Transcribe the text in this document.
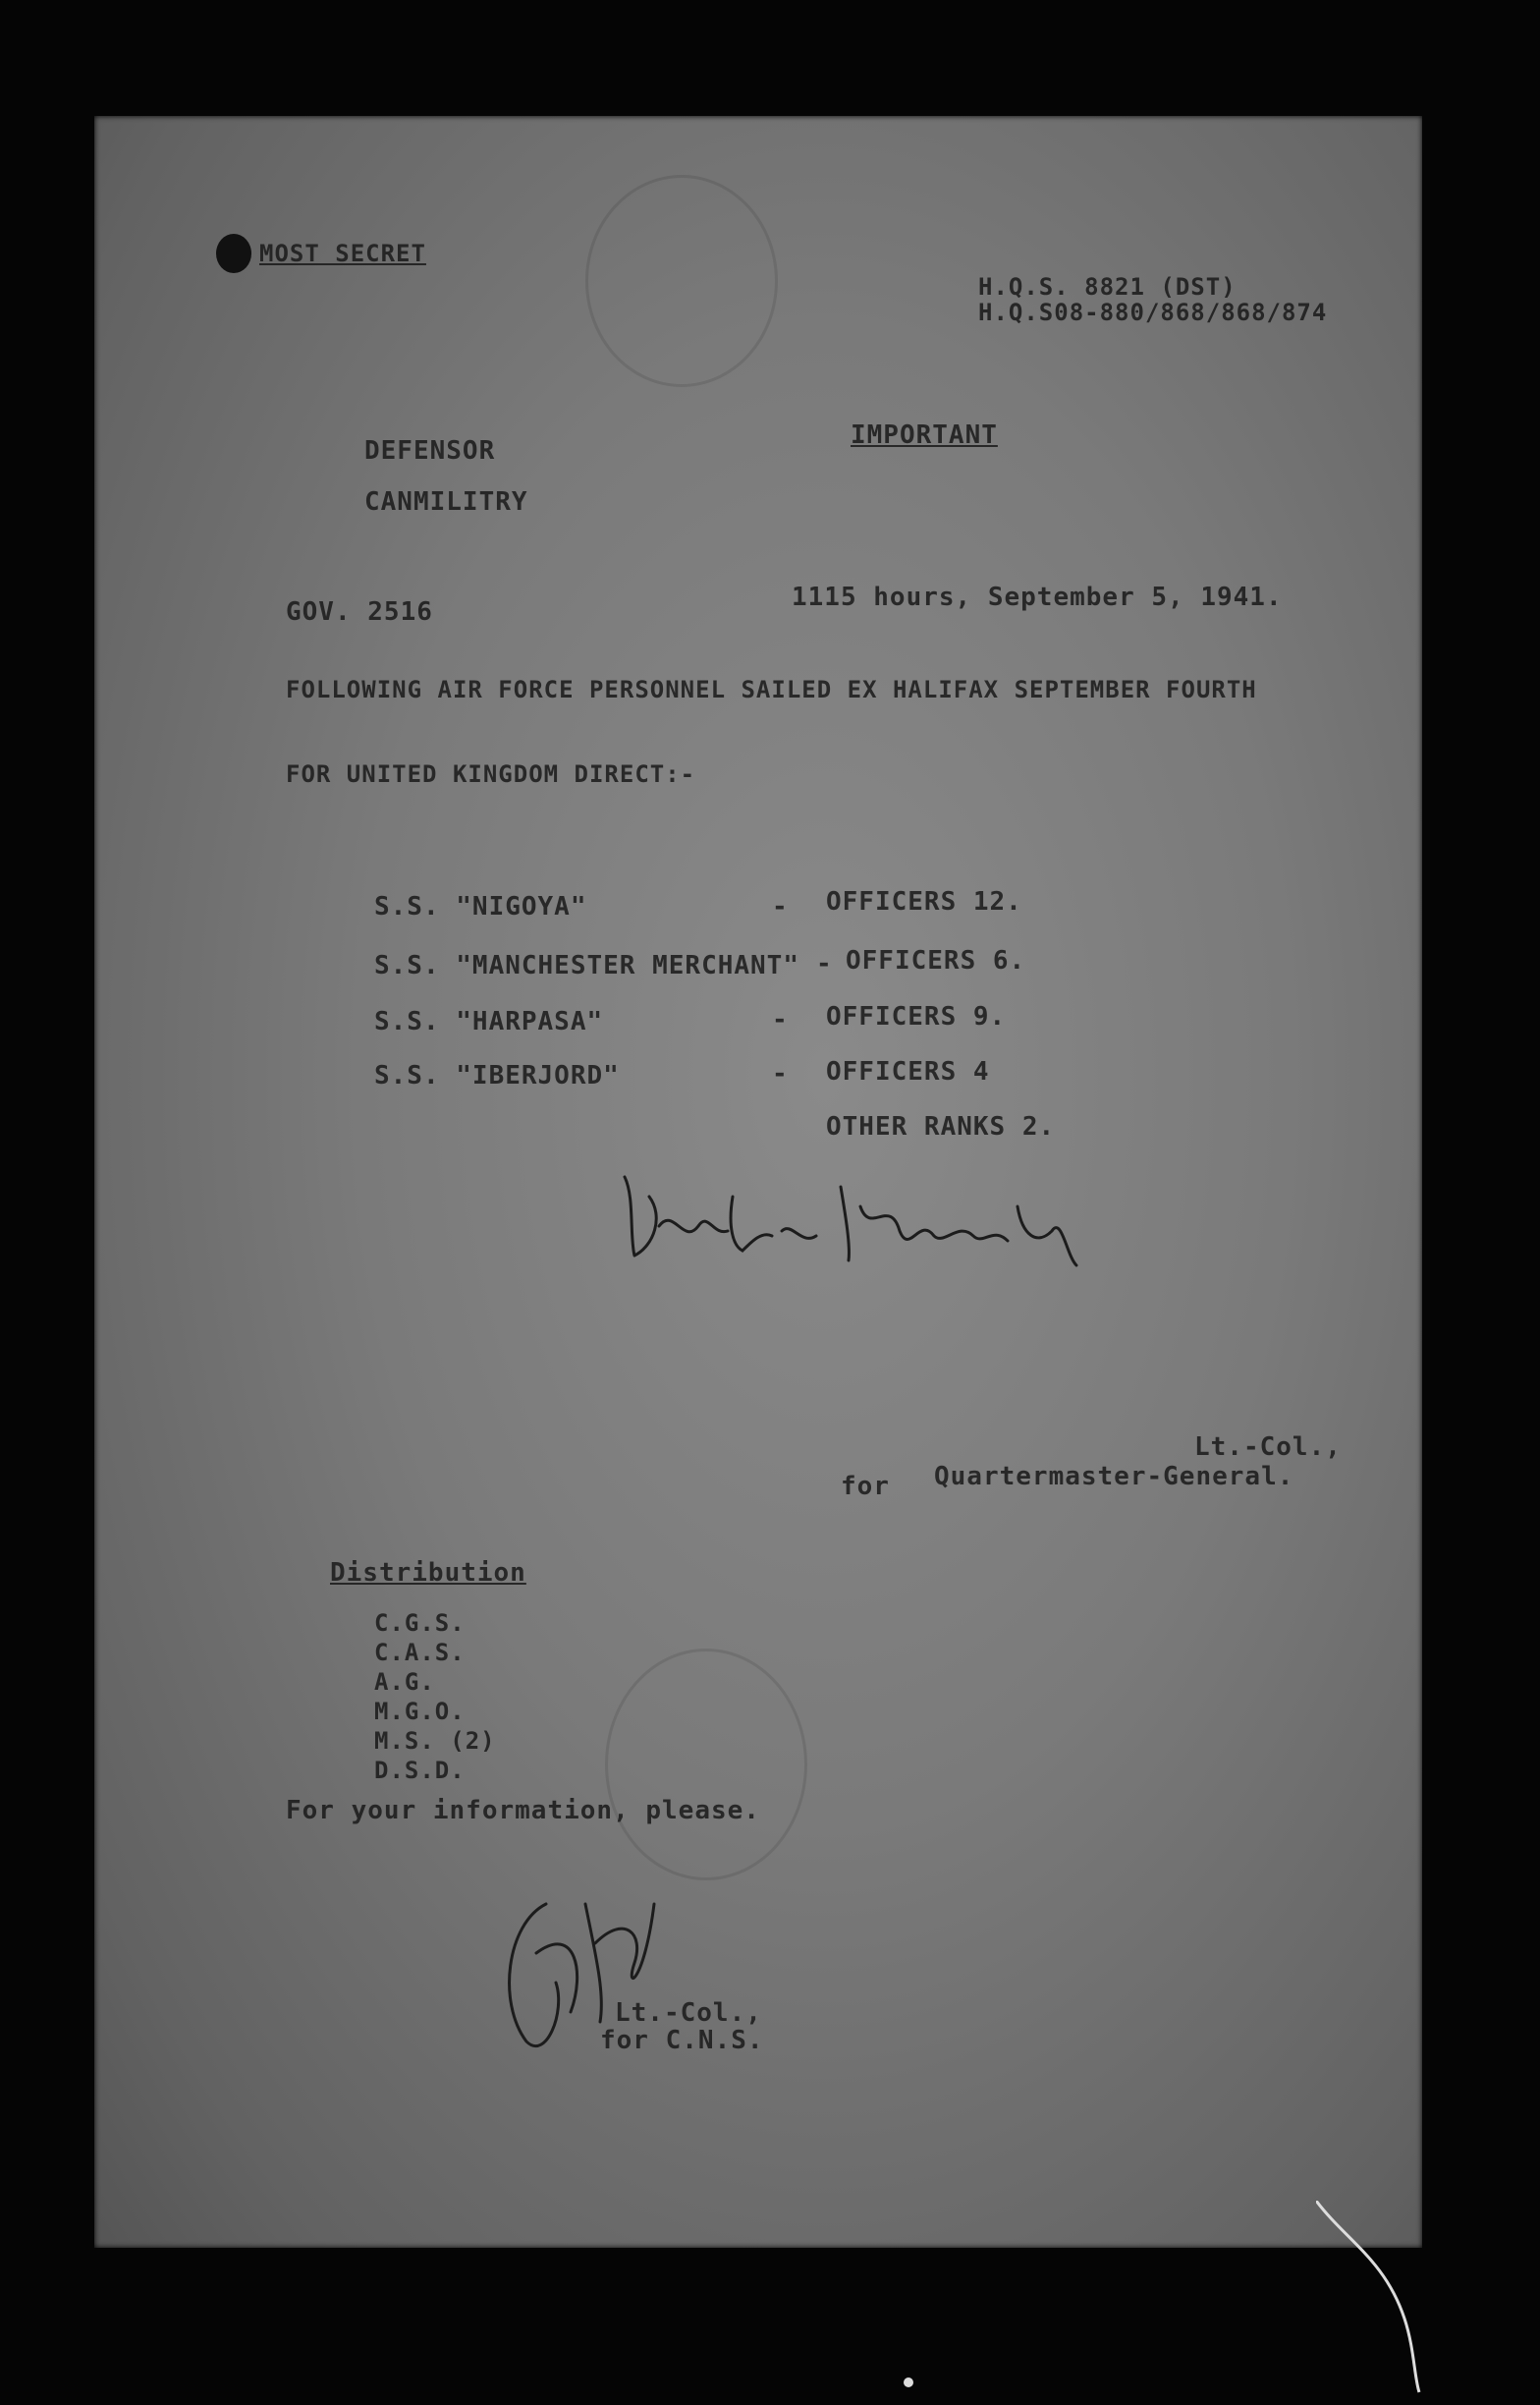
MOST SECRET
H.Q.S. 8821 (DST)
H.Q.S08-880/868/868/874
DEFENSOR
IMPORTANT
CANMILITRY
GOV. 2516	1115 hours, September 5, 1941.
FOLLOWING AIR FORCE PERSONNEL SAILED EX HALIFAX SEPTEMBER FOURTH
FOR UNITED KINGDOM DIRECT:-
S.S. "NIGOYA"	- OFFICERS 12.
S.S. "MANCHESTER MERCHANT" - OFFICERS 6.
S.S. "HARPASA"	- OFFICERS 9.
S.S. "IBERJORD"	- OFFICERS 4
OTHER RANKS 2.
Lt.-Col.,
for Quartermaster-General.
Distribution
C.G.S.
C.A.S.
A.G.
M.G.O.
M.S. (2)
D.S.D.
For your information, please.
Lt.-Col.,
for C.N.S.
